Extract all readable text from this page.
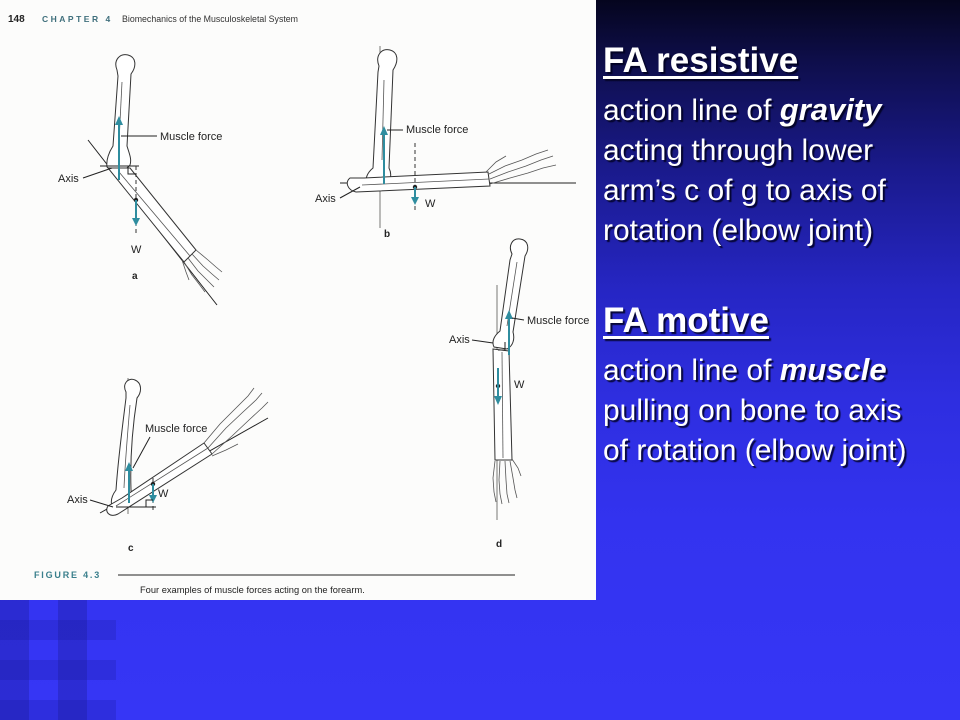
148 CHAPTER 4 Biomechanics of the Musculoskeletal System
Muscle force
Axis
W
a
Muscle force
W
Axis
b
Muscle force
W
Axis
c
Muscle force
Axis
W
d
FIGURE 4.3
Four examples of muscle forces acting on the forearm.
FA resistive
action line of gravity
acting through lower
arm’s c of g to axis of
rotation (elbow joint)
FA motive
action line of muscle
pulling on bone to axis
of rotation (elbow joint)
